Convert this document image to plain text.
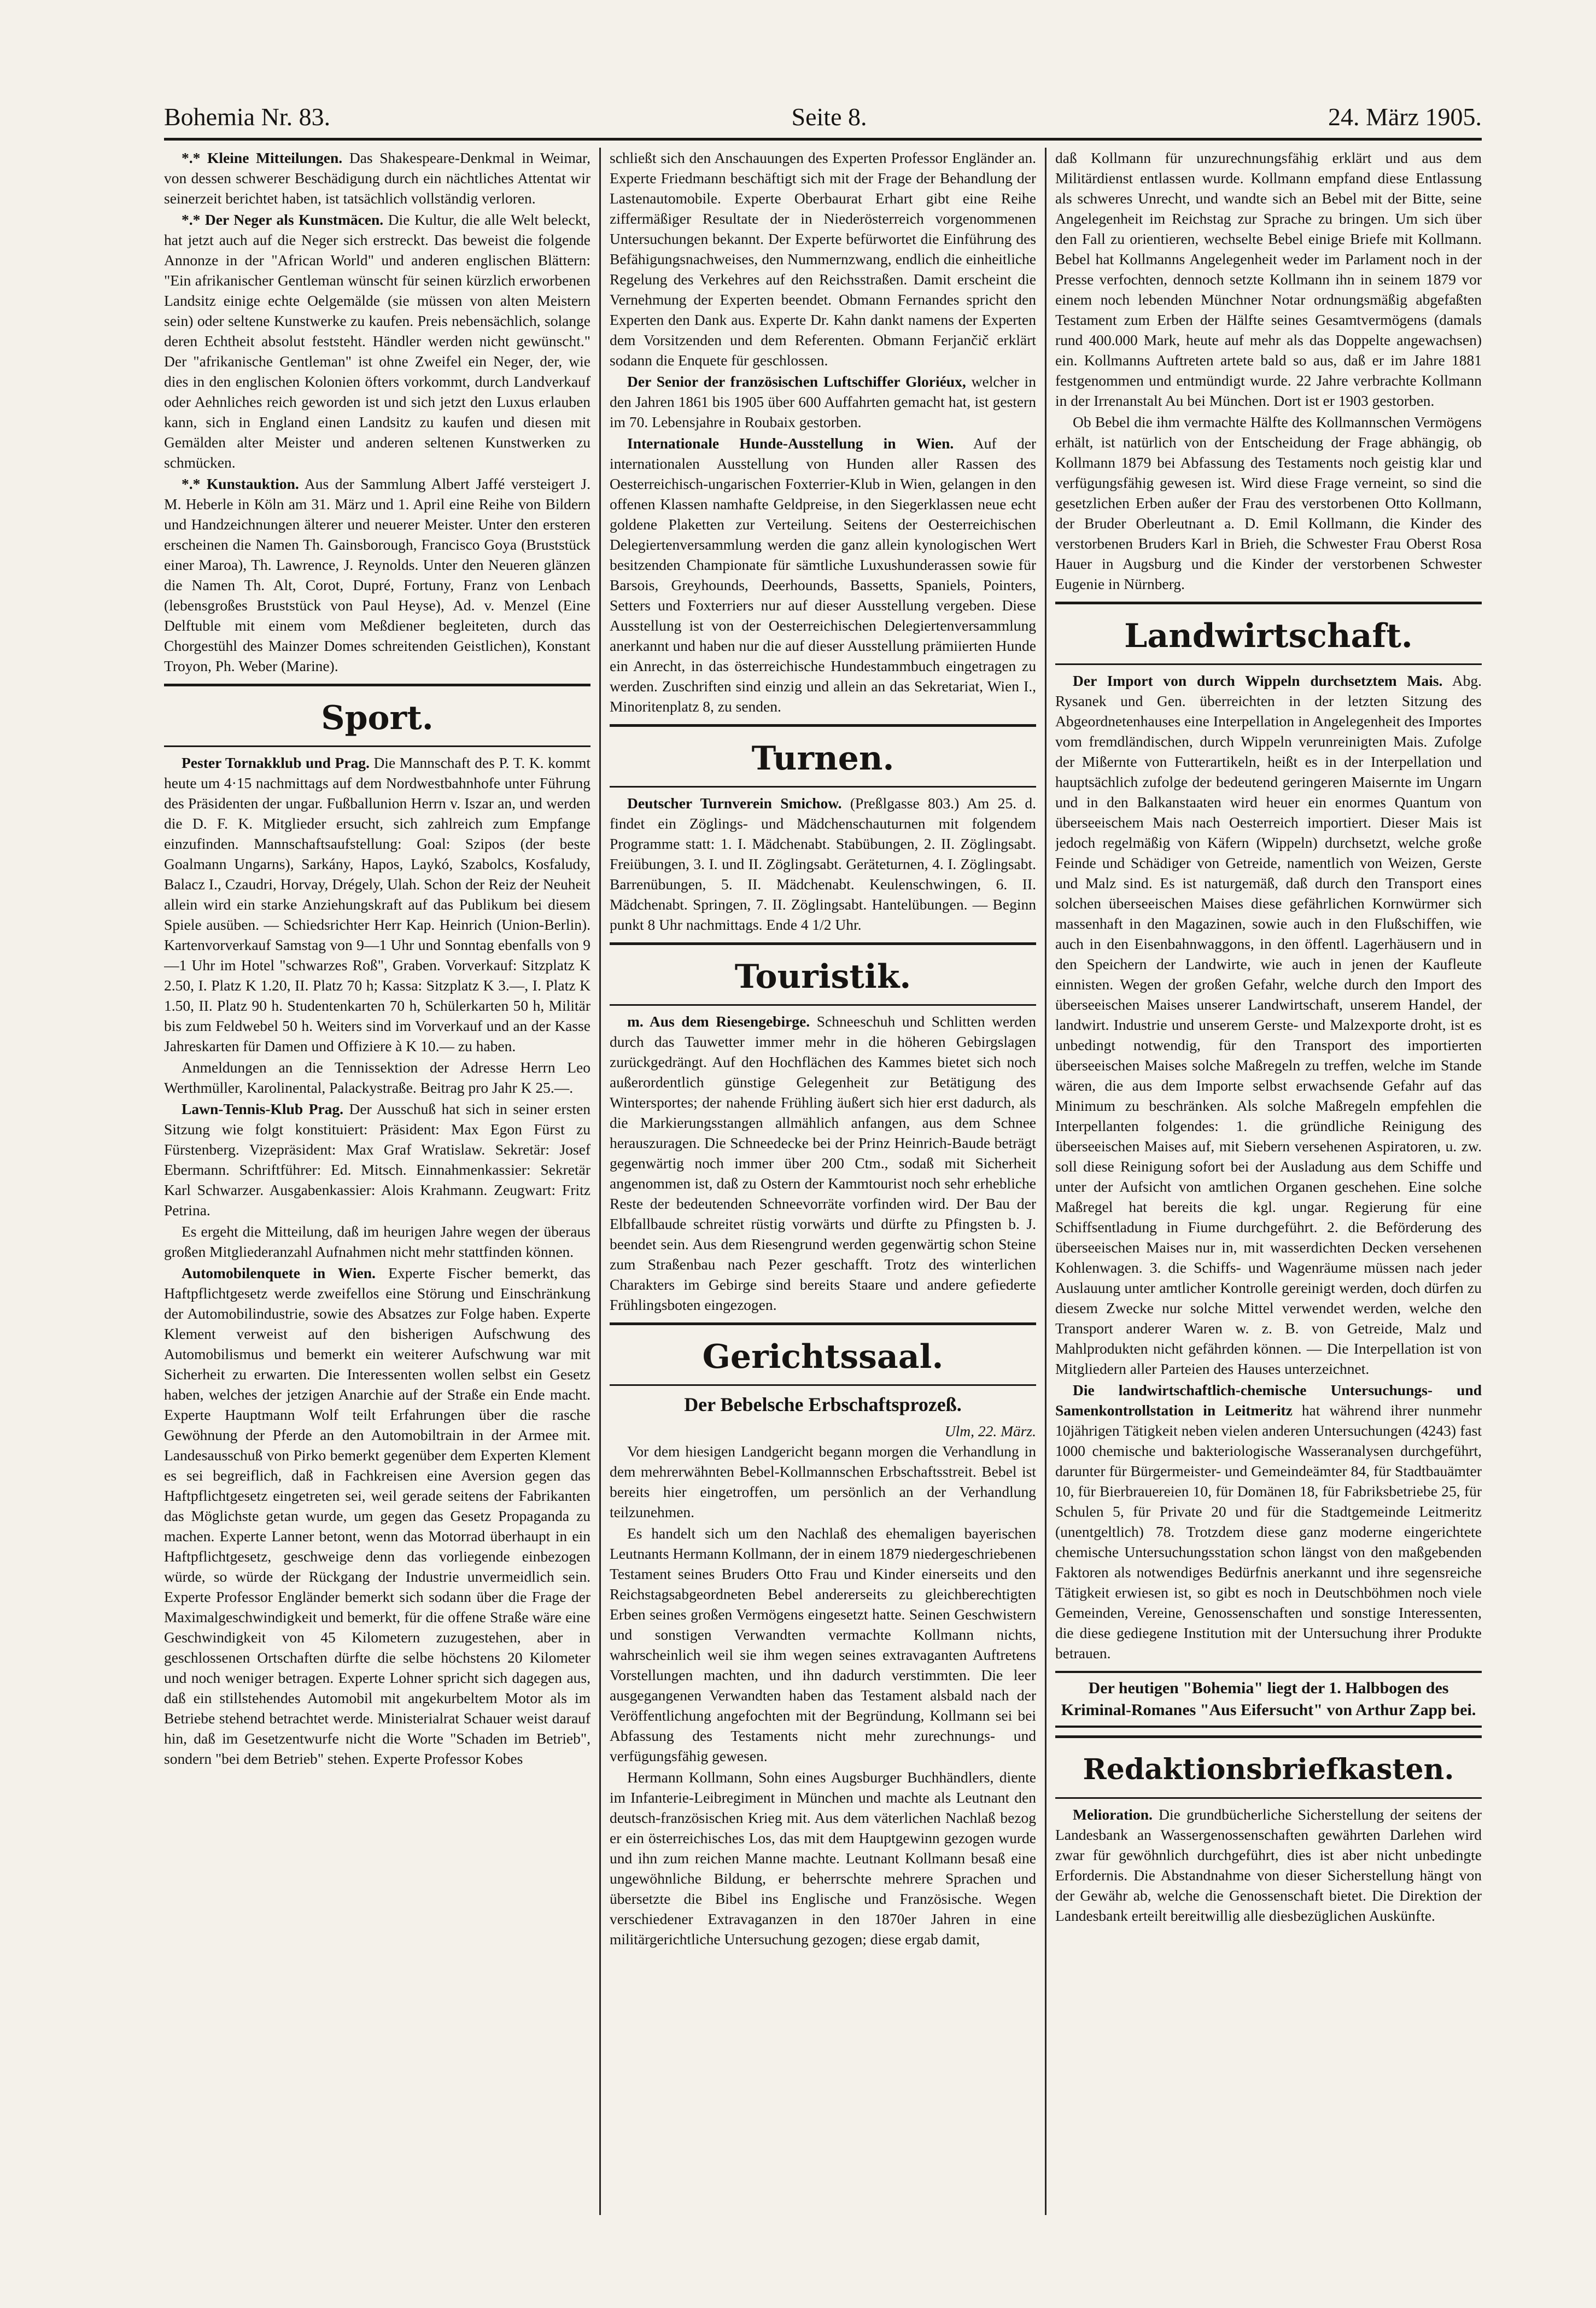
Bohemia Nr. 83.	Seite 8.	24. März 1905.

*.* Kleine Mitteilungen. Das Shakespeare-Denkmal in Weimar, von dessen schwerer Beschädigung durch ein nächtliches Attentat wir seinerzeit berichtet haben, ist tatsächlich vollständig verloren.

*.* Der Neger als Kunstmäcen. Die Kultur, die alle Welt beleckt, hat jetzt auch auf die Neger sich erstreckt. Das beweist die folgende Annonze in der "African World" und anderen englischen Blättern: "Ein afrikanischer Gentleman wünscht für seinen kürzlich erworbenen Landsitz einige echte Oelgemälde (sie müssen von alten Meistern sein) oder seltene Kunstwerke zu kaufen. Preis nebensächlich, solange deren Echtheit absolut feststeht. Händler werden nicht gewünscht." Der "afrikanische Gentleman" ist ohne Zweifel ein Neger, der, wie dies in den englischen Kolonien öfters vorkommt, durch Landverkauf oder Aehnliches reich geworden ist und sich jetzt den Luxus erlauben kann, sich in England einen Landsitz zu kaufen und diesen mit Gemälden alter Meister und anderen seltenen Kunstwerken zu schmücken.

*.* Kunstauktion. Aus der Sammlung Albert Jaffé versteigert J. M. Heberle in Köln am 31. März und 1. April eine Reihe von Bildern und Handzeichnungen älterer und neuerer Meister. Unter den ersteren erscheinen die Namen Th. Gainsborough, Francisco Goya (Bruststück einer Maroa), Th. Lawrence, J. Reynolds. Unter den Neueren glänzen die Namen Th. Alt, Corot, Dupré, Fortuny, Franz von Lenbach (lebensgroßes Bruststück von Paul Heyse), Ad. v. Menzel (Eine Delftuble mit einem vom Meßdiener begleiteten, durch das Chorgestühl des Mainzer Domes schreitenden Geistlichen), Konstant Troyon, Ph. Weber (Marine).

Sport.

Pester Tornakklub und Prag. Die Mannschaft des P. T. K. kommt heute um 4·15 nachmittags auf dem Nordwestbahnhofe unter Führung des Präsidenten der ungar. Fußballunion Herrn v. Iszar an, und werden die D. F. K. Mitglieder ersucht, sich zahlreich zum Empfange einzufinden. Mannschaftsaufstellung: Goal: Szipos (der beste Goalmann Ungarns), Sarkány, Hapos, Laykó, Szabolcs, Kosfaludy, Balacz I., Czaudri, Horvay, Drégely, Ulah. Schon der Reiz der Neuheit allein wird ein starke Anziehungskraft auf das Publikum bei diesem Spiele ausüben. — Schiedsrichter Herr Kap. Heinrich (Union-Berlin). Kartenvorverkauf Samstag von 9—1 Uhr und Sonntag ebenfalls von 9—1 Uhr im Hotel "schwarzes Roß", Graben. Vorverkauf: Sitzplatz K 2.50, I. Platz K 1.20, II. Platz 70 h; Kassa: Sitzplatz K 3.—, I. Platz K 1.50, II. Platz 90 h. Studentenkarten 70 h, Schülerkarten 50 h, Militär bis zum Feldwebel 50 h. Weiters sind im Vorverkauf und an der Kasse Jahreskarten für Damen und Offiziere à K 10.— zu haben.

Anmeldungen an die Tennissektion der Adresse Herrn Leo Werthmüller, Karolinental, Palackystraße. Beitrag pro Jahr K 25.—.

Lawn-Tennis-Klub Prag. Der Ausschuß hat sich in seiner ersten Sitzung wie folgt konstituiert: Präsident: Max Egon Fürst zu Fürstenberg. Vizepräsident: Max Graf Wratislaw. Sekretär: Josef Ebermann. Schriftführer: Ed. Mitsch. Einnahmenkassier: Sekretär Karl Schwarzer. Ausgabenkassier: Alois Krahmann. Zeugwart: Fritz Petrina.

Es ergeht die Mitteilung, daß im heurigen Jahre wegen der überaus großen Mitgliederanzahl Aufnahmen nicht mehr stattfinden können.

Automobilenquete in Wien. Experte Fischer bemerkt, das Haftpflichtgesetz werde zweifellos eine Störung und Einschränkung der Automobilindustrie, sowie des Absatzes zur Folge haben. Experte Klement verweist auf den bisherigen Aufschwung des Automobilismus und bemerkt ein weiterer Aufschwung war mit Sicherheit zu erwarten. Die Interessenten wollen selbst ein Gesetz haben, welches der jetzigen Anarchie auf der Straße ein Ende macht. Experte Hauptmann Wolf teilt Erfahrungen über die rasche Gewöhnung der Pferde an den Automobiltrain in der Armee mit. Landesausschuß von Pirko bemerkt gegenüber dem Experten Klement es sei begreiflich, daß in Fachkreisen eine Aversion gegen das Haftpflichtgesetz eingetreten sei, weil gerade seitens der Fabrikanten das Möglichste getan wurde, um gegen das Gesetz Propaganda zu machen. Experte Lanner betont, wenn das Motorrad überhaupt in ein Haftpflichtgesetz, geschweige denn das vorliegende einbezogen würde, so würde der Rückgang der Industrie unvermeidlich sein. Experte Professor Engländer bemerkt sich sodann über die Frage der Maximalgeschwindigkeit und bemerkt, für die offene Straße wäre eine Geschwindigkeit von 45 Kilometern zuzugestehen, aber in geschlossenen Ortschaften dürfte die selbe höchstens 20 Kilometer und noch weniger betragen. Experte Lohner spricht sich dagegen aus, daß ein stillstehendes Automobil mit angekurbeltem Motor als im Betriebe stehend betrachtet werde. Ministerialrat Schauer weist darauf hin, daß im Gesetzentwurfe nicht die Worte "Schaden im Betrieb", sondern "bei dem Betrieb" stehen. Experte Professor Kobes

schließt sich den Anschauungen des Experten Professor Engländer an. Experte Friedmann beschäftigt sich mit der Frage der Behandlung der Lastenautomobile. Experte Oberbaurat Erhart gibt eine Reihe ziffermäßiger Resultate der in Niederösterreich vorgenommenen Untersuchungen bekannt. Der Experte befürwortet die Einführung des Befähigungsnachweises, den Nummernzwang, endlich die einheitliche Regelung des Verkehres auf den Reichsstraßen. Damit erscheint die Vernehmung der Experten beendet. Obmann Fernandes spricht den Experten den Dank aus. Experte Dr. Kahn dankt namens der Experten dem Vorsitzenden und dem Referenten. Obmann Ferjančič erklärt sodann die Enquete für geschlossen.

Der Senior der französischen Luftschiffer Gloriéux, welcher in den Jahren 1861 bis 1905 über 600 Auffahrten gemacht hat, ist gestern im 70. Lebensjahre in Roubaix gestorben.

Internationale Hunde-Ausstellung in Wien. Auf der internationalen Ausstellung von Hunden aller Rassen des Oesterreichisch-ungarischen Foxterrier-Klub in Wien, gelangen in den offenen Klassen namhafte Geldpreise, in den Siegerklassen neue echt goldene Plaketten zur Verteilung. Seitens der Oesterreichischen Delegiertenversammlung werden die ganz allein kynologischen Wert besitzenden Championate für sämtliche Luxushunderassen sowie für Barsois, Greyhounds, Deerhounds, Bassetts, Spaniels, Pointers, Setters und Foxterriers nur auf dieser Ausstellung vergeben. Diese Ausstellung ist von der Oesterreichischen Delegiertenversammlung anerkannt und haben nur die auf dieser Ausstellung prämiierten Hunde ein Anrecht, in das österreichische Hundestammbuch eingetragen zu werden. Zuschriften sind einzig und allein an das Sekretariat, Wien I., Minoritenplatz 8, zu senden.

Turnen.

Deutscher Turnverein Smichow. (Preßlgasse 803.) Am 25. d. findet ein Zöglings- und Mädchenschauturnen mit folgendem Programme statt: 1. I. Mädchenabt. Stabübungen, 2. II. Zöglingsabt. Freiübungen, 3. I. und II. Zöglingsabt. Geräteturnen, 4. I. Zöglingsabt. Barrenübungen, 5. II. Mädchenabt. Keulenschwingen, 6. II. Mädchenabt. Springen, 7. II. Zöglingsabt. Hantelübungen. — Beginn punkt 8 Uhr nachmittags. Ende 4 1/2 Uhr.

Touristik.

m. Aus dem Riesengebirge. Schneeschuh und Schlitten werden durch das Tauwetter immer mehr in die höheren Gebirgslagen zurückgedrängt. Auf den Hochflächen des Kammes bietet sich noch außerordentlich günstige Gelegenheit zur Betätigung des Wintersportes; der nahende Frühling äußert sich hier erst dadurch, als die Markierungsstangen allmählich anfangen, aus dem Schnee herauszuragen. Die Schneedecke bei der Prinz Heinrich-Baude beträgt gegenwärtig noch immer über 200 Ctm., sodaß mit Sicherheit angenommen ist, daß zu Ostern der Kammtourist noch sehr erhebliche Reste der bedeutenden Schneevorräte vorfinden wird. Der Bau der Elbfallbaude schreitet rüstig vorwärts und dürfte zu Pfingsten b. J. beendet sein. Aus dem Riesengrund werden gegenwärtig schon Steine zum Straßenbau nach Pezer geschafft. Trotz des winterlichen Charakters im Gebirge sind bereits Staare und andere gefiederte Frühlingsboten eingezogen.

Gerichtssaal.
Der Bebelsche Erbschaftsprozeß.
Ulm, 22. März.

Vor dem hiesigen Landgericht begann morgen die Verhandlung in dem mehrerwähnten Bebel-Kollmannschen Erbschaftsstreit. Bebel ist bereits hier eingetroffen, um persönlich an der Verhandlung teilzunehmen.

Es handelt sich um den Nachlaß des ehemaligen bayerischen Leutnants Hermann Kollmann, der in einem 1879 niedergeschriebenen Testament seines Bruders Otto Frau und Kinder einerseits und den Reichstagsabgeordneten Bebel andererseits zu gleichberechtigten Erben seines großen Vermögens eingesetzt hatte. Seinen Geschwistern und sonstigen Verwandten vermachte Kollmann nichts, wahrscheinlich weil sie ihm wegen seines extravaganten Auftretens Vorstellungen machten, und ihn dadurch verstimmten. Die leer ausgegangenen Verwandten haben das Testament alsbald nach der Veröffentlichung angefochten mit der Begründung, Kollmann sei bei Abfassung des Testaments nicht mehr zurechnungs- und verfügungsfähig gewesen.

Hermann Kollmann, Sohn eines Augsburger Buchhändlers, diente im Infanterie-Leibregiment in München und machte als Leutnant den deutsch-französischen Krieg mit. Aus dem väterlichen Nachlaß bezog er ein österreichisches Los, das mit dem Hauptgewinn gezogen wurde und ihn zum reichen Manne machte. Leutnant Kollmann besaß eine ungewöhnliche Bildung, er beherrschte mehrere Sprachen und übersetzte die Bibel ins Englische und Französische. Wegen verschiedener Extravaganzen in den 1870er Jahren in eine militärgerichtliche Untersuchung gezogen; diese ergab damit,

daß Kollmann für unzurechnungsfähig erklärt und aus dem Militärdienst entlassen wurde. Kollmann empfand diese Entlassung als schweres Unrecht, und wandte sich an Bebel mit der Bitte, seine Angelegenheit im Reichstag zur Sprache zu bringen. Um sich über den Fall zu orientieren, wechselte Bebel einige Briefe mit Kollmann. Bebel hat Kollmanns Angelegenheit weder im Parlament noch in der Presse verfochten, dennoch setzte Kollmann ihn in seinem 1879 vor einem noch lebenden Münchner Notar ordnungsmäßig abgefaßten Testament zum Erben der Hälfte seines Gesamtvermögens (damals rund 400.000 Mark, heute auf mehr als das Doppelte angewachsen) ein. Kollmanns Auftreten artete bald so aus, daß er im Jahre 1881 festgenommen und entmündigt wurde. 22 Jahre verbrachte Kollmann in der Irrenanstalt Au bei München. Dort ist er 1903 gestorben.

Ob Bebel die ihm vermachte Hälfte des Kollmannschen Vermögens erhält, ist natürlich von der Entscheidung der Frage abhängig, ob Kollmann 1879 bei Abfassung des Testaments noch geistig klar und verfügungsfähig gewesen ist. Wird diese Frage verneint, so sind die gesetzlichen Erben außer der Frau des verstorbenen Otto Kollmann, der Bruder Oberleutnant a. D. Emil Kollmann, die Kinder des verstorbenen Bruders Karl in Brieh, die Schwester Frau Oberst Rosa Hauer in Augsburg und die Kinder der verstorbenen Schwester Eugenie in Nürnberg.

Landwirtschaft.

Der Import von durch Wippeln durchsetztem Mais. Abg. Rysanek und Gen. überreichten in der letzten Sitzung des Abgeordnetenhauses eine Interpellation in Angelegenheit des Importes vom fremdländischen, durch Wippeln verunreinigten Mais. Zufolge der Mißernte von Futterartikeln, heißt es in der Interpellation und hauptsächlich zufolge der bedeutend geringeren Maisernte im Ungarn und in den Balkanstaaten wird heuer ein enormes Quantum von überseeischem Mais nach Oesterreich importiert. Dieser Mais ist jedoch regelmäßig von Käfern (Wippeln) durchsetzt, welche große Feinde und Schädiger von Getreide, namentlich von Weizen, Gerste und Malz sind. Es ist naturgemäß, daß durch den Transport eines solchen überseeischen Maises diese gefährlichen Kornwürmer sich massenhaft in den Magazinen, sowie auch in den Flußschiffen, wie auch in den Eisenbahnwaggons, in den öffentl. Lagerhäusern und in den Speichern der Landwirte, wie auch in jenen der Kaufleute einnisten. Wegen der großen Gefahr, welche durch den Import des überseeischen Maises unserer Landwirtschaft, unserem Handel, der landwirt. Industrie und unserem Gerste- und Malzexporte droht, ist es unbedingt notwendig, für den Transport des importierten überseeischen Maises solche Maßregeln zu treffen, welche im Stande wären, die aus dem Importe selbst erwachsende Gefahr auf das Minimum zu beschränken. Als solche Maßregeln empfehlen die Interpellanten folgendes: 1. die gründliche Reinigung des überseeischen Maises auf, mit Siebern versehenen Aspiratoren, u. zw. soll diese Reinigung sofort bei der Ausladung aus dem Schiffe und unter der Aufsicht von amtlichen Organen geschehen. Eine solche Maßregel hat bereits die kgl. ungar. Regierung für eine Schiffsentladung in Fiume durchgeführt. 2. die Beförderung des überseeischen Maises nur in, mit wasserdichten Decken versehenen Kohlenwagen. 3. die Schiffs- und Wagenräume müssen nach jeder Auslauung unter amtlicher Kontrolle gereinigt werden, doch dürfen zu diesem Zwecke nur solche Mittel verwendet werden, welche den Transport anderer Waren w. z. B. von Getreide, Malz und Mahlprodukten nicht gefährden können. — Die Interpellation ist von Mitgliedern aller Parteien des Hauses unterzeichnet.

Die landwirtschaftlich-chemische Untersuchungs- und Samenkontrollstation in Leitmeritz hat während ihrer nunmehr 10jährigen Tätigkeit neben vielen anderen Untersuchungen (4243) fast 1000 chemische und bakteriologische Wasseranalysen durchgeführt, darunter für Bürgermeister- und Gemeindeämter 84, für Stadtbauämter 10, für Bierbrauereien 10, für Domänen 18, für Fabriksbetriebe 25, für Schulen 5, für Private 20 und für die Stadtgemeinde Leitmeritz (unentgeltlich) 78. Trotzdem diese ganz moderne eingerichtete chemische Untersuchungsstation schon längst von den maßgebenden Faktoren als notwendiges Bedürfnis anerkannt und ihre segensreiche Tätigkeit erwiesen ist, so gibt es noch in Deutschböhmen noch viele Gemeinden, Vereine, Genossenschaften und sonstige Interessenten, die diese gediegene Institution mit der Untersuchung ihrer Produkte betrauen.

Der heutigen "Bohemia" liegt der 1. Halbbogen des Kriminal-Romanes "Aus Eifersucht" von Arthur Zapp bei.
Redaktionsbriefkasten.

Melioration. Die grundbücherliche Sicherstellung der seitens der Landesbank an Wassergenossenschaften gewährten Darlehen wird zwar für gewöhnlich durchgeführt, dies ist aber nicht unbedingte Erfordernis. Die Abstandnahme von dieser Sicherstellung hängt von der Gewähr ab, welche die Genossenschaft bietet. Die Direktion der Landesbank erteilt bereitwillig alle diesbezüglichen Auskünfte.
